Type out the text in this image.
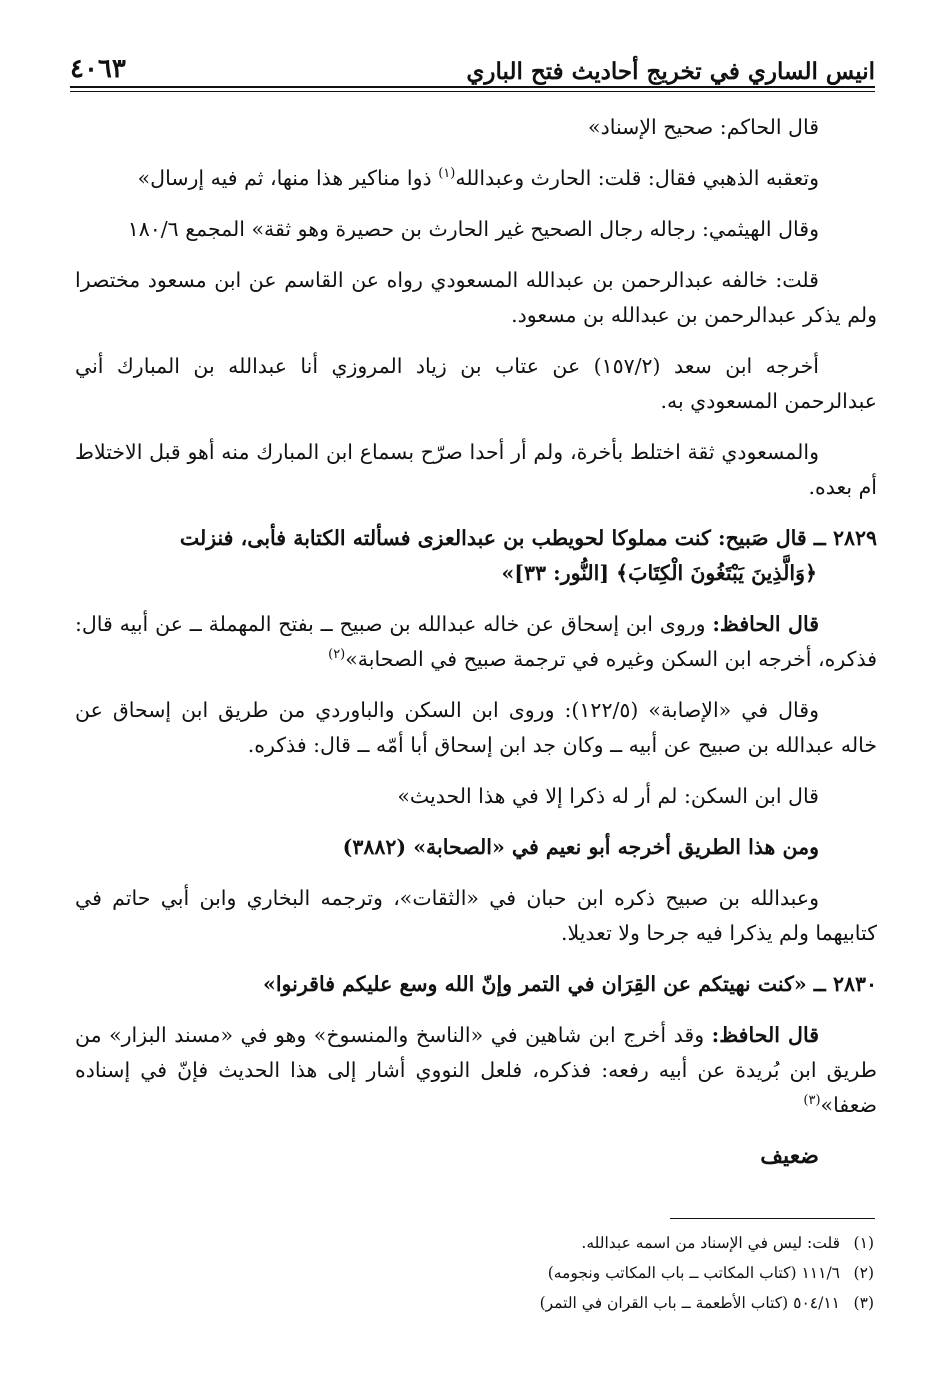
انيس الساري في تخريج أحاديث فتح الباري
٤٠٦٣

قال الحاكم: صحيح الإسناد»

وتعقبه الذهبي فقال: قلت: الحارث وعبدالله$^{(١)}$ ذوا مناكير هذا منها، ثم فيه إرسال»

وقال الهيثمي: رجاله رجال الصحيح غير الحارث بن حصيرة وهو ثقة» المجمع ١٨٠/٦

قلت: خالفه عبدالرحمن بن عبدالله المسعودي رواه عن القاسم عن ابن مسعود مختصرا ولم يذكر عبدالرحمن بن عبدالله بن مسعود.

أخرجه ابن سعد (١٥٧/٢) عن عتاب بن زياد المروزي أنا عبدالله بن المبارك أني عبدالرحمن المسعودي به.

والمسعودي ثقة اختلط بأخرة، ولم أر أحدا صرّح بسماع ابن المبارك منه أهو قبل الاختلاط أم بعده.

٢٨٢٩ ــ قال صَبيح: كنت مملوكا لحويطب بن عبدالعزى فسألته الكتابة فأبى، فنزلت
﴿وَالَّذِينَ يَبْتَغُونَ الْكِتَابَ﴾ [النُّور: ٣٣]»

قال الحافظ: وروى ابن إسحاق عن خاله عبدالله بن صبيح ــ بفتح المهملة ــ عن أبيه قال: فذكره، أخرجه ابن السكن وغيره في ترجمة صبيح في الصحابة»$^{(٢)}$

وقال في «الإصابة» (١٢٢/٥): وروى ابن السكن والباوردي من طريق ابن إسحاق عن خاله عبدالله بن صبيح عن أبيه ــ وكان جد ابن إسحاق أبا أمّه ــ قال: فذكره.

قال ابن السكن: لم أر له ذكرا إلا في هذا الحديث»

ومن هذا الطريق أخرجه أبو نعيم في «الصحابة» (٣٨٨٢)

وعبدالله بن صبيح ذكره ابن حبان في «الثقات»، وترجمه البخاري وابن أبي حاتم في كتابيهما ولم يذكرا فيه جرحا ولا تعديلا.

٢٨٣٠ ــ «كنت نهيتكم عن القِرَان في التمر وإنّ الله وسع عليكم فاقرنوا»

قال الحافظ: وقد أخرج ابن شاهين في «الناسخ والمنسوخ» وهو في «مسند البزار» من طريق ابن بُريدة عن أبيه رفعه: فذكره، فلعل النووي أشار إلى هذا الحديث فإنّ في إسناده ضعفا»$^{(٣)}$

ضعيف

(١)قلت: ليس في الإسناد من اسمه عبدالله.
(٢)١١١/٦ (كتاب المكاتب ــ باب المكاتب ونجومه)
(٣)٥٠٤/١١ (كتاب الأطعمة ــ باب القران في التمر)
